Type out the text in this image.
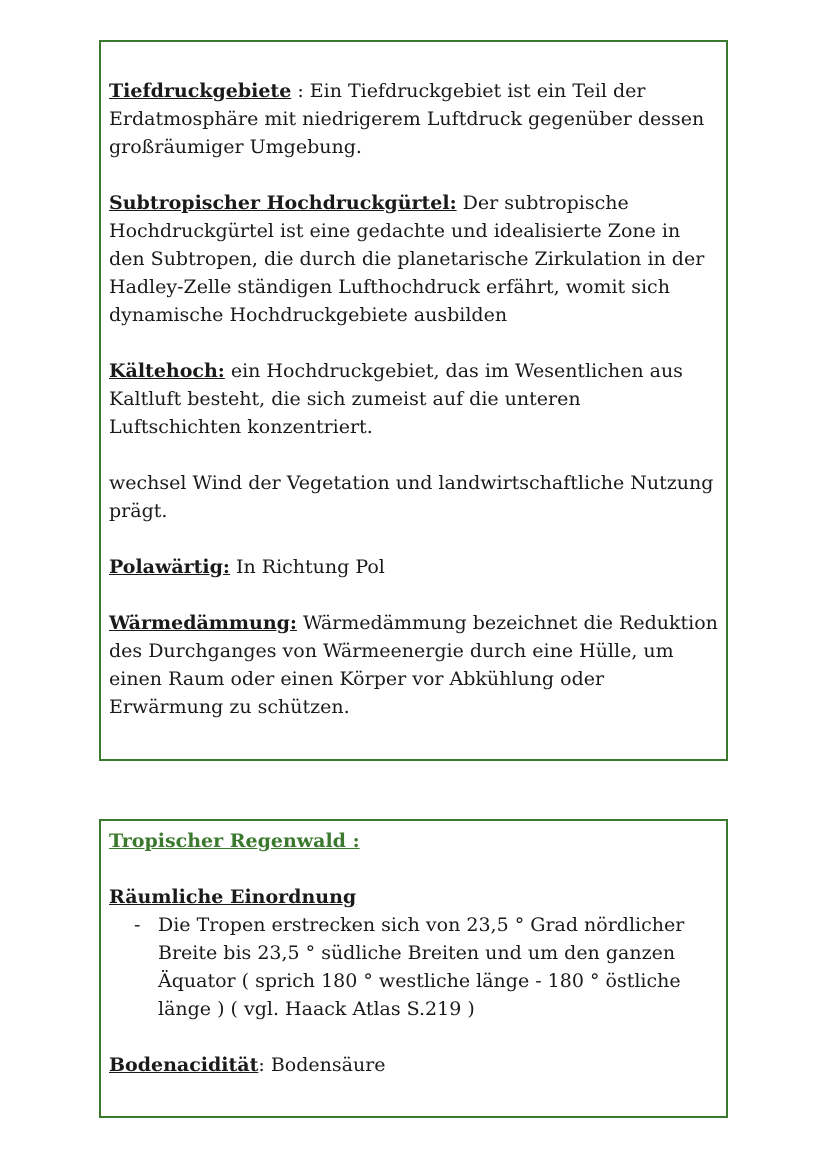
Tiefdruckgebiete : Ein Tiefdruckgebiet ist ein Teil der Erdatmosphäre mit niedrigerem Luftdruck gegenüber dessen großräumiger Umgebung.

Subtropischer Hochdruckgürtel: Der subtropische Hochdruckgürtel ist eine gedachte und idealisierte Zone in den Subtropen, die durch die planetarische Zirkulation in der Hadley-Zelle ständigen Lufthochdruck erfährt, womit sich dynamische Hochdruckgebiete ausbilden

Kältehoch: ein Hochdruckgebiet, das im Wesentlichen aus Kaltluft besteht, die sich zumeist auf die unteren Luftschichten konzentriert.

wechsel Wind der Vegetation und landwirtschaftliche Nutzung prägt.

Polawärtig: In Richtung Pol

Wärmedämmung: Wärmedämmung bezeichnet die Reduktion des Durchganges von Wärmeenergie durch eine Hülle, um einen Raum oder einen Körper vor Abkühlung oder Erwärmung zu schützen.

Tropischer Regenwald :

Räumliche Einordnung

- Die Tropen erstrecken sich von 23,5 ° Grad nördlicher Breite bis 23,5 ° südliche Breiten und um den ganzen Äquator ( sprich 180 ° westliche länge - 180 ° östliche länge ) ( vgl. Haack Atlas S.219 )

Bodenacidität: Bodensäure
